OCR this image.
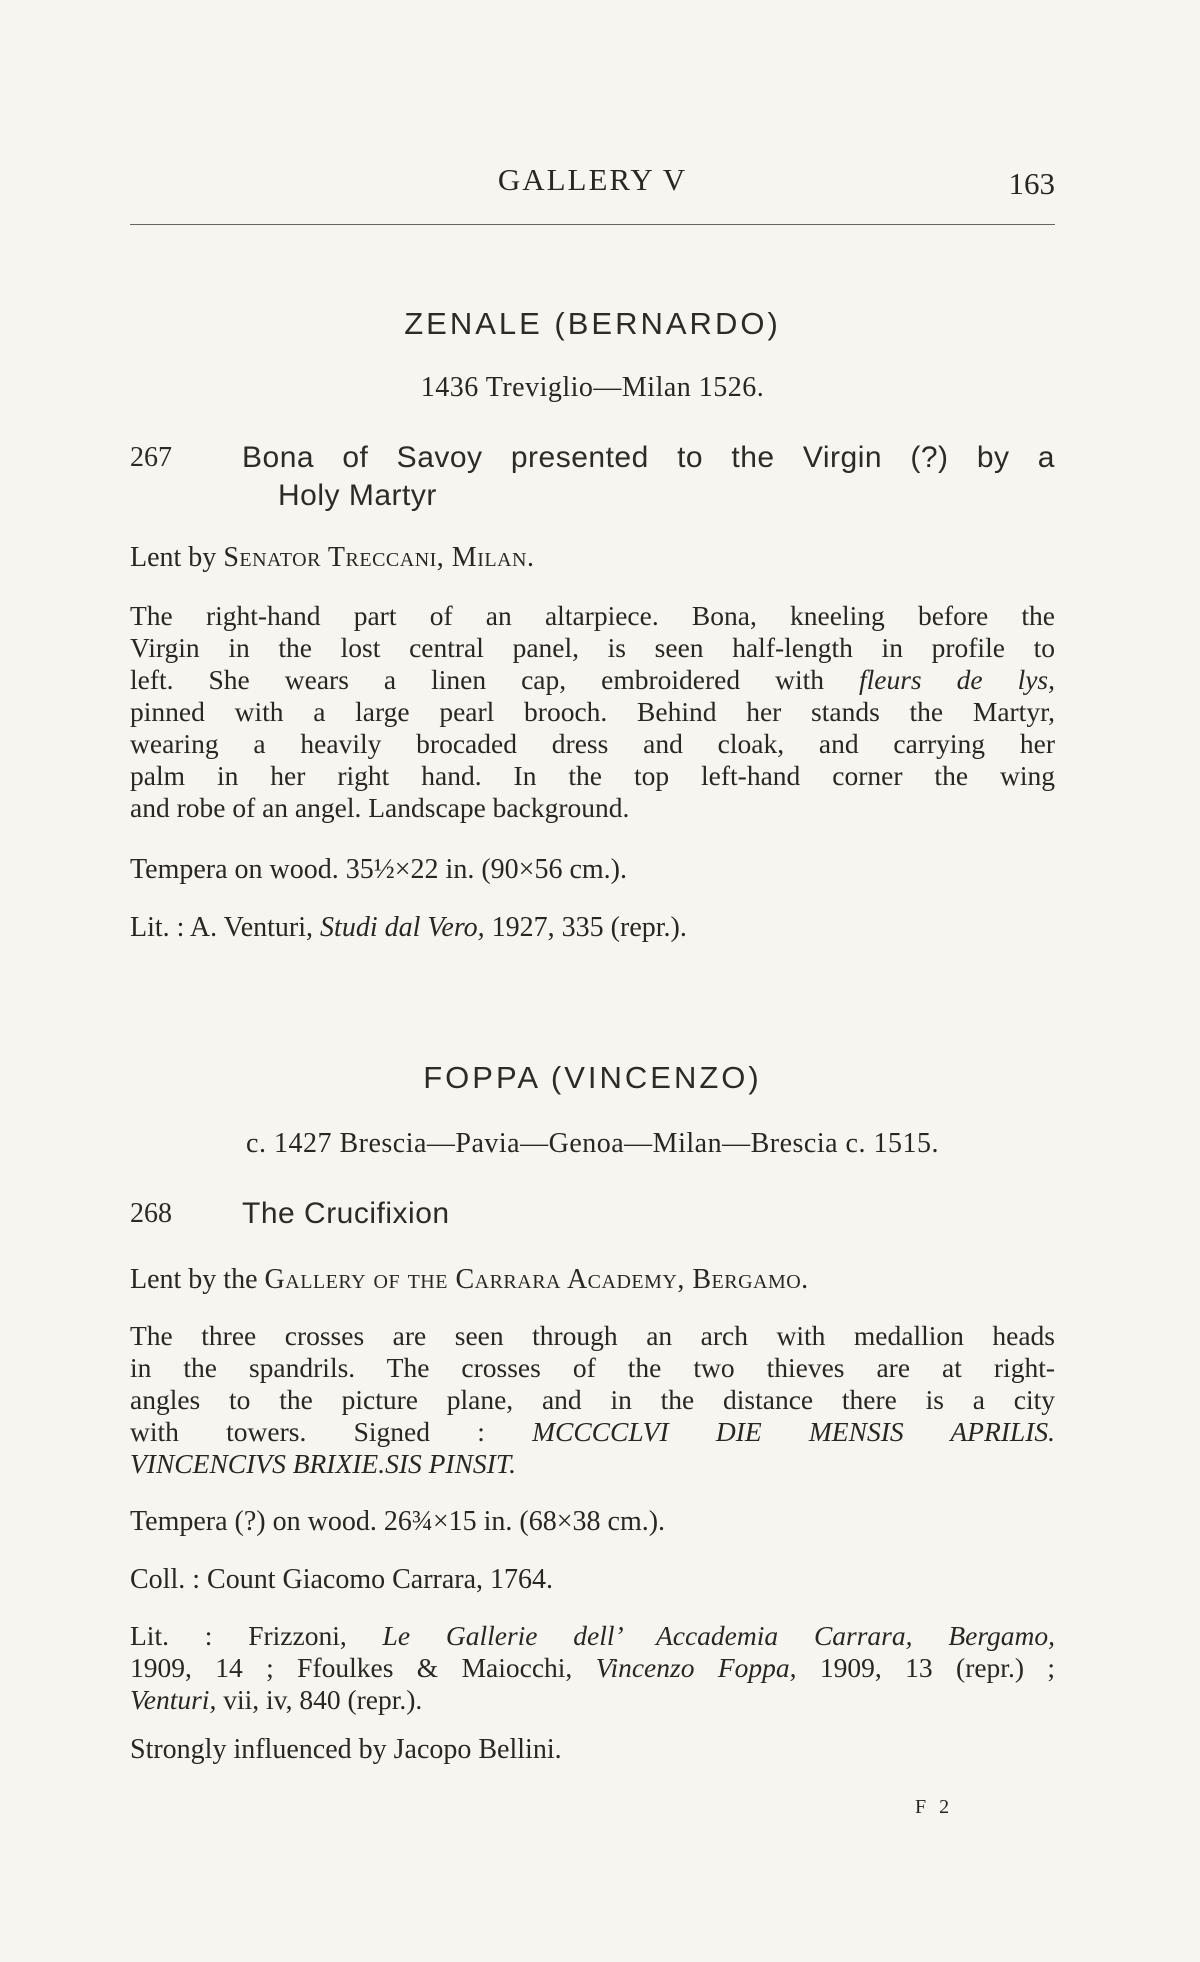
GALLERY V	163
ZENALE (BERNARDO)
1436 Treviglio—Milan 1526.
267 Bona of Savoy presented to the Virgin (?) by a
Holy Martyr
Lent by Senator Treccani, Milan.
The right-hand part of an altarpiece. Bona, kneeling before the
Virgin in the lost central panel, is seen half-length in profile to
left. She wears a linen cap, embroidered with fleurs de lys,
pinned with a large pearl brooch. Behind her stands the Martyr,
wearing a heavily brocaded dress and cloak, and carrying her
palm in her right hand. In the top left-hand corner the wing
and robe of an angel. Landscape background.
Tempera on wood. 35½×22 in. (90×56 cm.).
Lit. : A. Venturi, Studi dal Vero, 1927, 335 (repr.).
FOPPA (VINCENZO)
c. 1427 Brescia—Pavia—Genoa—Milan—Brescia c. 1515.
268 The Crucifixion
Lent by the Gallery of the Carrara Academy, Bergamo.
The three crosses are seen through an arch with medallion heads
in the spandrils. The crosses of the two thieves are at right-
angles to the picture plane, and in the distance there is a city
with towers. Signed : MCCCCLVI DIE MENSIS APRILIS.
VINCENCIVS BRIXIE.SIS PINSIT.
Tempera (?) on wood. 26¾×15 in. (68×38 cm.).
Coll. : Count Giacomo Carrara, 1764.
Lit. : Frizzoni, Le Gallerie dell’ Accademia Carrara, Bergamo,
1909, 14 ; Ffoulkes & Maiocchi, Vincenzo Foppa, 1909, 13 (repr.) ;
Venturi, vii, iv, 840 (repr.).
Strongly influenced by Jacopo Bellini.
F 2
